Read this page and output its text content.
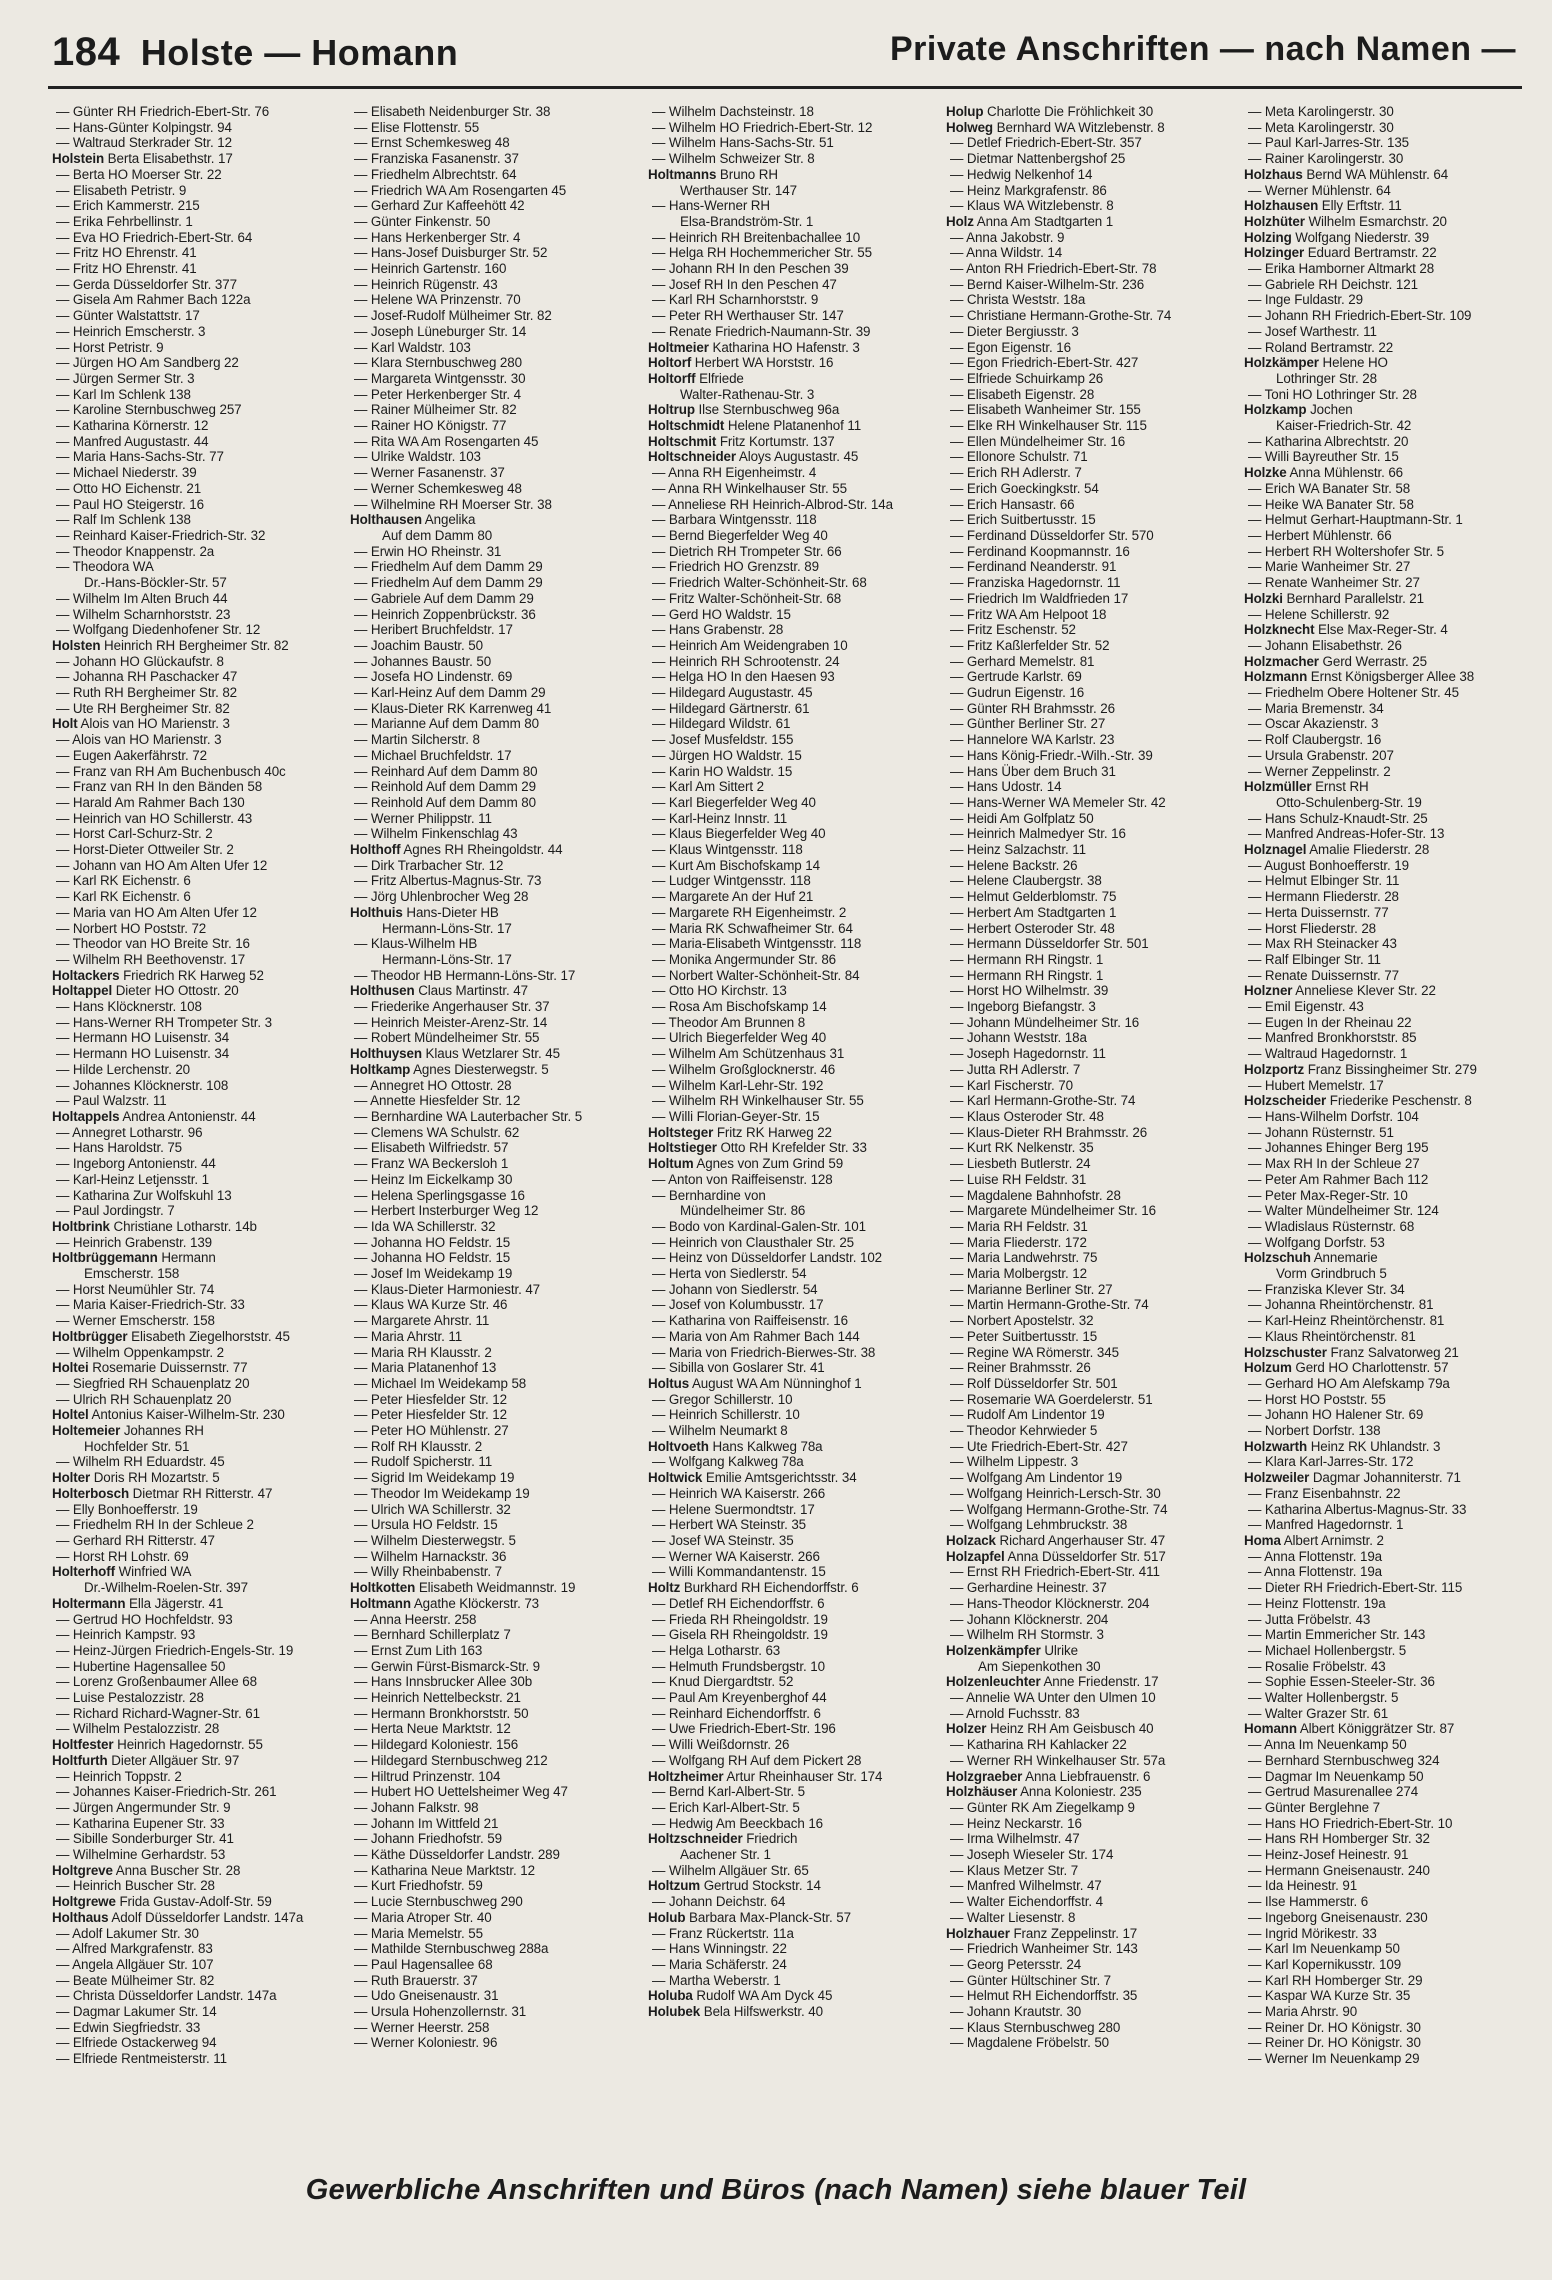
184 Holste — Homann	Private Anschriften — nach Namen —
— Günter RH Friedrich-Ebert-Str. 76
— Hans-Günter Kolpingstr. 94
— Waltraud Sterkrader Str. 12
Holstein Berta Elisabethstr. 17
— Berta HO Moerser Str. 22
— Elisabeth Petristr. 9
— Erich Kammerstr. 215
— Erika Fehrbellinstr. 1
— Eva HO Friedrich-Ebert-Str. 64
— Fritz HO Ehrenstr. 41
— Fritz HO Ehrenstr. 41
— Gerda Düsseldorfer Str. 377
— Gisela Am Rahmer Bach 122a
— Günter Walstattstr. 17
— Heinrich Emscherstr. 3
— Horst Petristr. 9
— Jürgen HO Am Sandberg 22
— Jürgen Sermer Str. 3
— Karl Im Schlenk 138
— Karoline Sternbuschweg 257
— Katharina Körnerstr. 12
— Manfred Augustastr. 44
— Maria Hans-Sachs-Str. 77
— Michael Niederstr. 39
— Otto HO Eichenstr. 21
— Paul HO Steigerstr. 16
— Ralf Im Schlenk 138
— Reinhard Kaiser-Friedrich-Str. 32
— Theodor Knappenstr. 2a
— Theodora WA
Dr.-Hans-Böckler-Str. 57
— Wilhelm Im Alten Bruch 44
— Wilhelm Scharnhorststr. 23
— Wolfgang Diedenhofener Str. 12
Holsten Heinrich RH Bergheimer Str. 82
— Johann HO Glückaufstr. 8
— Johanna RH Paschacker 47
— Ruth RH Bergheimer Str. 82
— Ute RH Bergheimer Str. 82
Holt Alois van HO Marienstr. 3
— Alois van HO Marienstr. 3
— Eugen Aakerfährstr. 72
— Franz van RH Am Buchenbusch 40c
— Franz van RH In den Bänden 58
— Harald Am Rahmer Bach 130
— Heinrich van HO Schillerstr. 43
— Horst Carl-Schurz-Str. 2
— Horst-Dieter Ottweiler Str. 2
— Johann van HO Am Alten Ufer 12
— Karl RK Eichenstr. 6
— Karl RK Eichenstr. 6
— Maria van HO Am Alten Ufer 12
— Norbert HO Poststr. 72
— Theodor van HO Breite Str. 16
— Wilhelm RH Beethovenstr. 17
Holtackers Friedrich RK Harweg 52
Holtappel Dieter HO Ottostr. 20
— Hans Klöcknerstr. 108
— Hans-Werner RH Trompeter Str. 3
— Hermann HO Luisenstr. 34
— Hermann HO Luisenstr. 34
— Hilde Lerchenstr. 20
— Johannes Klöcknerstr. 108
— Paul Walzstr. 11
Holtappels Andrea Antonienstr. 44
— Annegret Lotharstr. 96
— Hans Haroldstr. 75
— Ingeborg Antonienstr. 44
— Karl-Heinz Letjensstr. 1
— Katharina Zur Wolfskuhl 13
— Paul Jordingstr. 7
Holtbrink Christiane Lotharstr. 14b
— Heinrich Grabenstr. 139
Holtbrüggemann Hermann
Emscherstr. 158
— Horst Neumühler Str. 74
— Maria Kaiser-Friedrich-Str. 33
— Werner Emscherstr. 158
Holtbrügger Elisabeth Ziegelhorststr. 45
— Wilhelm Oppenkampstr. 2
Holtei Rosemarie Duissernstr. 77
— Siegfried RH Schauenplatz 20
— Ulrich RH Schauenplatz 20
Holtel Antonius Kaiser-Wilhelm-Str. 230
Holtemeier Johannes RH
Hochfelder Str. 51
— Wilhelm RH Eduardstr. 45
Holter Doris RH Mozartstr. 5
Holterbosch Dietmar RH Ritterstr. 47
— Elly Bonhoefferstr. 19
— Friedhelm RH In der Schleue 2
— Gerhard RH Ritterstr. 47
— Horst RH Lohstr. 69
Holterhoff Winfried WA
Dr.-Wilhelm-Roelen-Str. 397
Holtermann Ella Jägerstr. 41
— Gertrud HO Hochfeldstr. 93
— Heinrich Kampstr. 93
— Heinz-Jürgen Friedrich-Engels-Str. 19
— Hubertine Hagensallee 50
— Lorenz Großenbaumer Allee 68
— Luise Pestalozzistr. 28
— Richard Richard-Wagner-Str. 61
— Wilhelm Pestalozzistr. 28
Holtfester Heinrich Hagedornstr. 55
Holtfurth Dieter Allgäuer Str. 97
— Heinrich Toppstr. 2
— Johannes Kaiser-Friedrich-Str. 261
— Jürgen Angermunder Str. 9
— Katharina Eupener Str. 33
— Sibille Sonderburger Str. 41
— Wilhelmine Gerhardstr. 53
Holtgreve Anna Buscher Str. 28
— Heinrich Buscher Str. 28
Holtgrewe Frida Gustav-Adolf-Str. 59
Holthaus Adolf Düsseldorfer Landstr. 147a
— Adolf Lakumer Str. 30
— Alfred Markgrafenstr. 83
— Angela Allgäuer Str. 107
— Beate Mülheimer Str. 82
— Christa Düsseldorfer Landstr. 147a
— Dagmar Lakumer Str. 14
— Edwin Siegfriedstr. 33
— Elfriede Ostackerweg 94
— Elfriede Rentmeisterstr. 11
— Elisabeth Neidenburger Str. 38
— Elise Flottenstr. 55
— Ernst Schemkesweg 48
— Franziska Fasanenstr. 37
— Friedhelm Albrechtstr. 64
— Friedrich WA Am Rosengarten 45
— Gerhard Zur Kaffeehött 42
— Günter Finkenstr. 50
— Hans Herkenberger Str. 4
— Hans-Josef Duisburger Str. 52
— Heinrich Gartenstr. 160
— Heinrich Rügenstr. 43
— Helene WA Prinzenstr. 70
— Josef-Rudolf Mülheimer Str. 82
— Joseph Lüneburger Str. 14
— Karl Waldstr. 103
— Klara Sternbuschweg 280
— Margareta Wintgensstr. 30
— Peter Herkenberger Str. 4
— Rainer Mülheimer Str. 82
— Rainer HO Königstr. 77
— Rita WA Am Rosengarten 45
— Ulrike Waldstr. 103
— Werner Fasanenstr. 37
— Werner Schemkesweg 48
— Wilhelmine RH Moerser Str. 38
Holthausen Angelika
Auf dem Damm 80
— Erwin HO Rheinstr. 31
— Friedhelm Auf dem Damm 29
— Friedhelm Auf dem Damm 29
— Gabriele Auf dem Damm 29
— Heinrich Zoppenbrückstr. 36
— Heribert Bruchfeldstr. 17
— Joachim Baustr. 50
— Johannes Baustr. 50
— Josefa HO Lindenstr. 69
— Karl-Heinz Auf dem Damm 29
— Klaus-Dieter RK Karrenweg 41
— Marianne Auf dem Damm 80
— Martin Silcherstr. 8
— Michael Bruchfeldstr. 17
— Reinhard Auf dem Damm 80
— Reinhold Auf dem Damm 29
— Reinhold Auf dem Damm 80
— Werner Philippstr. 11
— Wilhelm Finkenschlag 43
Holthoff Agnes RH Rheingoldstr. 44
— Dirk Trarbacher Str. 12
— Fritz Albertus-Magnus-Str. 73
— Jörg Uhlenbrocher Weg 28
Holthuis Hans-Dieter HB
Hermann-Löns-Str. 17
— Klaus-Wilhelm HB
Hermann-Löns-Str. 17
— Theodor HB Hermann-Löns-Str. 17
Holthusen Claus Martinstr. 47
— Friederike Angerhauser Str. 37
— Heinrich Meister-Arenz-Str. 14
— Robert Mündelheimer Str. 55
Holthuysen Klaus Wetzlarer Str. 45
Holtkamp Agnes Diesterwegstr. 5
— Annegret HO Ottostr. 28
— Annette Hiesfelder Str. 12
— Bernhardine WA Lauterbacher Str. 5
— Clemens WA Schulstr. 62
— Elisabeth Wilfriedstr. 57
— Franz WA Beckersloh 1
— Heinz Im Eickelkamp 30
— Helena Sperlingsgasse 16
— Herbert Insterburger Weg 12
— Ida WA Schillerstr. 32
— Johanna HO Feldstr. 15
— Johanna HO Feldstr. 15
— Josef Im Weidekamp 19
— Klaus-Dieter Harmoniestr. 47
— Klaus WA Kurze Str. 46
— Margarete Ahrstr. 11
— Maria Ahrstr. 11
— Maria RH Klausstr. 2
— Maria Platanenhof 13
— Michael Im Weidekamp 58
— Peter Hiesfelder Str. 12
— Peter Hiesfelder Str. 12
— Peter HO Mühlenstr. 27
— Rolf RH Klausstr. 2
— Rudolf Spicherstr. 11
— Sigrid Im Weidekamp 19
— Theodor Im Weidekamp 19
— Ulrich WA Schillerstr. 32
— Ursula HO Feldstr. 15
— Wilhelm Diesterwegstr. 5
— Wilhelm Harnackstr. 36
— Willy Rheinbabenstr. 7
Holtkotten Elisabeth Weidmannstr. 19
Holtmann Agathe Klöckerstr. 73
— Anna Heerstr. 258
— Bernhard Schillerplatz 7
— Ernst Zum Lith 163
— Gerwin Fürst-Bismarck-Str. 9
— Hans Innsbrucker Allee 30b
— Heinrich Nettelbeckstr. 21
— Hermann Bronkhorststr. 50
— Herta Neue Marktstr. 12
— Hildegard Koloniestr. 156
— Hildegard Sternbuschweg 212
— Hiltrud Prinzenstr. 104
— Hubert HO Uettelsheimer Weg 47
— Johann Falkstr. 98
— Johann Im Wittfeld 21
— Johann Friedhofstr. 59
— Käthe Düsseldorfer Landstr. 289
— Katharina Neue Marktstr. 12
— Kurt Friedhofstr. 59
— Lucie Sternbuschweg 290
— Maria Atroper Str. 40
— Maria Memelstr. 55
— Mathilde Sternbuschweg 288a
— Paul Hagensallee 68
— Ruth Brauerstr. 37
— Udo Gneisenaustr. 31
— Ursula Hohenzollernstr. 31
— Werner Heerstr. 258
— Werner Koloniestr. 96
— Wilhelm Dachsteinstr. 18
— Wilhelm HO Friedrich-Ebert-Str. 12
— Wilhelm Hans-Sachs-Str. 51
— Wilhelm Schweizer Str. 8
Holtmanns Bruno RH
Werthauser Str. 147
— Hans-Werner RH
Elsa-Brandström-Str. 1
— Heinrich RH Breitenbachallee 10
— Helga RH Hochemmericher Str. 55
— Johann RH In den Peschen 39
— Josef RH In den Peschen 47
— Karl RH Scharnhorststr. 9
— Peter RH Werthauser Str. 147
— Renate Friedrich-Naumann-Str. 39
Holtmeier Katharina HO Hafenstr. 3
Holtorf Herbert WA Horststr. 16
Holtorff Elfriede
Walter-Rathenau-Str. 3
Holtrup Ilse Sternbuschweg 96a
Holtschmidt Helene Platanenhof 11
Holtschmit Fritz Kortumstr. 137
Holtschneider Aloys Augustastr. 45
— Anna RH Eigenheimstr. 4
— Anna RH Winkelhauser Str. 55
— Anneliese RH Heinrich-Albrod-Str. 14a
— Barbara Wintgensstr. 118
— Bernd Biegerfelder Weg 40
— Dietrich RH Trompeter Str. 66
— Friedrich HO Grenzstr. 89
— Friedrich Walter-Schönheit-Str. 68
— Fritz Walter-Schönheit-Str. 68
— Gerd HO Waldstr. 15
— Hans Grabenstr. 28
— Heinrich Am Weidengraben 10
— Heinrich RH Schrootenstr. 24
— Helga HO In den Haesen 93
— Hildegard Augustastr. 45
— Hildegard Gärtnerstr. 61
— Hildegard Wildstr. 61
— Josef Musfeldstr. 155
— Jürgen HO Waldstr. 15
— Karin HO Waldstr. 15
— Karl Am Sittert 2
— Karl Biegerfelder Weg 40
— Karl-Heinz Innstr. 11
— Klaus Biegerfelder Weg 40
— Klaus Wintgensstr. 118
— Kurt Am Bischofskamp 14
— Ludger Wintgensstr. 118
— Margarete An der Huf 21
— Margarete RH Eigenheimstr. 2
— Maria RK Schwafheimer Str. 64
— Maria-Elisabeth Wintgensstr. 118
— Monika Angermunder Str. 86
— Norbert Walter-Schönheit-Str. 84
— Otto HO Kirchstr. 13
— Rosa Am Bischofskamp 14
— Theodor Am Brunnen 8
— Ulrich Biegerfelder Weg 40
— Wilhelm Am Schützenhaus 31
— Wilhelm Großglocknerstr. 46
— Wilhelm Karl-Lehr-Str. 192
— Wilhelm RH Winkelhauser Str. 55
— Willi Florian-Geyer-Str. 15
Holtsteger Fritz RK Harweg 22
Holtstieger Otto RH Krefelder Str. 33
Holtum Agnes von Zum Grind 59
— Anton von Raiffeisenstr. 128
— Bernhardine von
Mündelheimer Str. 86
— Bodo von Kardinal-Galen-Str. 101
— Heinrich von Clausthaler Str. 25
— Heinz von Düsseldorfer Landstr. 102
— Herta von Siedlerstr. 54
— Johann von Siedlerstr. 54
— Josef von Kolumbusstr. 17
— Katharina von Raiffeisenstr. 16
— Maria von Am Rahmer Bach 144
— Maria von Friedrich-Bierwes-Str. 38
— Sibilla von Goslarer Str. 41
Holtus August WA Am Nünninghof 1
— Gregor Schillerstr. 10
— Heinrich Schillerstr. 10
— Wilhelm Neumarkt 8
Holtvoeth Hans Kalkweg 78a
— Wolfgang Kalkweg 78a
Holtwick Emilie Amtsgerichtsstr. 34
— Heinrich WA Kaiserstr. 266
— Helene Suermondtstr. 17
— Herbert WA Steinstr. 35
— Josef WA Steinstr. 35
— Werner WA Kaiserstr. 266
— Willi Kommandantenstr. 15
Holtz Burkhard RH Eichendorffstr. 6
— Detlef RH Eichendorffstr. 6
— Frieda RH Rheingoldstr. 19
— Gisela RH Rheingoldstr. 19
— Helga Lotharstr. 63
— Helmuth Frundsbergstr. 10
— Knud Diergardtstr. 52
— Paul Am Kreyenberghof 44
— Reinhard Eichendorffstr. 6
— Uwe Friedrich-Ebert-Str. 196
— Willi Weißdornstr. 26
— Wolfgang RH Auf dem Pickert 28
Holtzheimer Artur Rheinhauser Str. 174
— Bernd Karl-Albert-Str. 5
— Erich Karl-Albert-Str. 5
— Hedwig Am Beeckbach 16
Holtzschneider Friedrich
Aachener Str. 1
— Wilhelm Allgäuer Str. 65
Holtzum Gertrud Stockstr. 14
— Johann Deichstr. 64
Holub Barbara Max-Planck-Str. 57
— Franz Rückertstr. 11a
— Hans Winningstr. 22
— Maria Schäferstr. 24
— Martha Weberstr. 1
Holuba Rudolf WA Am Dyck 45
Holubek Bela Hilfswerkstr. 40
Holup Charlotte Die Fröhlichkeit 30
Holweg Bernhard WA Witzlebenstr. 8
— Detlef Friedrich-Ebert-Str. 357
— Dietmar Nattenbergshof 25
— Hedwig Nelkenhof 14
— Heinz Markgrafenstr. 86
— Klaus WA Witzlebenstr. 8
Holz Anna Am Stadtgarten 1
— Anna Jakobstr. 9
— Anna Wildstr. 14
— Anton RH Friedrich-Ebert-Str. 78
— Bernd Kaiser-Wilhelm-Str. 236
— Christa Weststr. 18a
— Christiane Hermann-Grothe-Str. 74
— Dieter Bergiusstr. 3
— Egon Eigenstr. 16
— Egon Friedrich-Ebert-Str. 427
— Elfriede Schuirkamp 26
— Elisabeth Eigenstr. 28
— Elisabeth Wanheimer Str. 155
— Elke RH Winkelhauser Str. 115
— Ellen Mündelheimer Str. 16
— Ellonore Schulstr. 71
— Erich RH Adlerstr. 7
— Erich Goeckingkstr. 54
— Erich Hansastr. 66
— Erich Suitbertusstr. 15
— Ferdinand Düsseldorfer Str. 570
— Ferdinand Koopmannstr. 16
— Ferdinand Neanderstr. 91
— Franziska Hagedornstr. 11
— Friedrich Im Waldfrieden 17
— Fritz WA Am Helpoot 18
— Fritz Eschenstr. 52
— Fritz Kaßlerfelder Str. 52
— Gerhard Memelstr. 81
— Gertrude Karlstr. 69
— Gudrun Eigenstr. 16
— Günter RH Brahmsstr. 26
— Günther Berliner Str. 27
— Hannelore WA Karlstr. 23
— Hans König-Friedr.-Wilh.-Str. 39
— Hans Über dem Bruch 31
— Hans Udostr. 14
— Hans-Werner WA Memeler Str. 42
— Heidi Am Golfplatz 50
— Heinrich Malmedyer Str. 16
— Heinz Salzachstr. 11
— Helene Backstr. 26
— Helene Claubergstr. 38
— Helmut Gelderblomstr. 75
— Herbert Am Stadtgarten 1
— Herbert Osteroder Str. 48
— Hermann Düsseldorfer Str. 501
— Hermann RH Ringstr. 1
— Hermann RH Ringstr. 1
— Horst HO Wilhelmstr. 39
— Ingeborg Biefangstr. 3
— Johann Mündelheimer Str. 16
— Johann Weststr. 18a
— Joseph Hagedornstr. 11
— Jutta RH Adlerstr. 7
— Karl Fischerstr. 70
— Karl Hermann-Grothe-Str. 74
— Klaus Osteroder Str. 48
— Klaus-Dieter RH Brahmsstr. 26
— Kurt RK Nelkenstr. 35
— Liesbeth Butlerstr. 24
— Luise RH Feldstr. 31
— Magdalene Bahnhofstr. 28
— Margarete Mündelheimer Str. 16
— Maria RH Feldstr. 31
— Maria Fliederstr. 172
— Maria Landwehrstr. 75
— Maria Molbergstr. 12
— Marianne Berliner Str. 27
— Martin Hermann-Grothe-Str. 74
— Norbert Apostelstr. 32
— Peter Suitbertusstr. 15
— Regine WA Römerstr. 345
— Reiner Brahmsstr. 26
— Rolf Düsseldorfer Str. 501
— Rosemarie WA Goerdelerstr. 51
— Rudolf Am Lindentor 19
— Theodor Kehrwieder 5
— Ute Friedrich-Ebert-Str. 427
— Wilhelm Lippestr. 3
— Wolfgang Am Lindentor 19
— Wolfgang Heinrich-Lersch-Str. 30
— Wolfgang Hermann-Grothe-Str. 74
— Wolfgang Lehmbruckstr. 38
Holzack Richard Angerhauser Str. 47
Holzapfel Anna Düsseldorfer Str. 517
— Ernst RH Friedrich-Ebert-Str. 411
— Gerhardine Heinestr. 37
— Hans-Theodor Klöcknerstr. 204
— Johann Klöcknerstr. 204
— Wilhelm RH Stormstr. 3
Holzenkämpfer Ulrike
Am Siepenkothen 30
Holzenleuchter Anne Friedenstr. 17
— Annelie WA Unter den Ulmen 10
— Arnold Fuchsstr. 83
Holzer Heinz RH Am Geisbusch 40
— Katharina RH Kahlacker 22
— Werner RH Winkelhauser Str. 57a
Holzgraeber Anna Liebfrauenstr. 6
Holzhäuser Anna Koloniestr. 235
— Günter RK Am Ziegelkamp 9
— Heinz Neckarstr. 16
— Irma Wilhelmstr. 47
— Joseph Wieseler Str. 174
— Klaus Metzer Str. 7
— Manfred Wilhelmstr. 47
— Walter Eichendorffstr. 4
— Walter Liesenstr. 8
Holzhauer Franz Zeppelinstr. 17
— Friedrich Wanheimer Str. 143
— Georg Petersstr. 24
— Günter Hültschiner Str. 7
— Helmut RH Eichendorffstr. 35
— Johann Krautstr. 30
— Klaus Sternbuschweg 280
— Magdalene Fröbelstr. 50
— Meta Karolingerstr. 30
— Meta Karolingerstr. 30
— Paul Karl-Jarres-Str. 135
— Rainer Karolingerstr. 30
Holzhaus Bernd WA Mühlenstr. 64
— Werner Mühlenstr. 64
Holzhausen Elly Erftstr. 11
Holzhüter Wilhelm Esmarchstr. 20
Holzing Wolfgang Niederstr. 39
Holzinger Eduard Bertramstr. 22
— Erika Hamborner Altmarkt 28
— Gabriele RH Deichstr. 121
— Inge Fuldastr. 29
— Johann RH Friedrich-Ebert-Str. 109
— Josef Warthestr. 11
— Roland Bertramstr. 22
Holzkämper Helene HO
Lothringer Str. 28
— Toni HO Lothringer Str. 28
Holzkamp Jochen
Kaiser-Friedrich-Str. 42
— Katharina Albrechtstr. 20
— Willi Bayreuther Str. 15
Holzke Anna Mühlenstr. 66
— Erich WA Banater Str. 58
— Heike WA Banater Str. 58
— Helmut Gerhart-Hauptmann-Str. 1
— Herbert Mühlenstr. 66
— Herbert RH Woltershofer Str. 5
— Marie Wanheimer Str. 27
— Renate Wanheimer Str. 27
Holzki Bernhard Parallelstr. 21
— Helene Schillerstr. 92
Holzknecht Else Max-Reger-Str. 4
— Johann Elisabethstr. 26
Holzmacher Gerd Werrastr. 25
Holzmann Ernst Königsberger Allee 38
— Friedhelm Obere Holtener Str. 45
— Maria Bremenstr. 34
— Oscar Akazienstr. 3
— Rolf Claubergstr. 16
— Ursula Grabenstr. 207
— Werner Zeppelinstr. 2
Holzmüller Ernst RH
Otto-Schulenberg-Str. 19
— Hans Schulz-Knaudt-Str. 25
— Manfred Andreas-Hofer-Str. 13
Holznagel Amalie Fliederstr. 28
— August Bonhoefferstr. 19
— Helmut Elbinger Str. 11
— Hermann Fliederstr. 28
— Herta Duissernstr. 77
— Horst Fliederstr. 28
— Max RH Steinacker 43
— Ralf Elbinger Str. 11
— Renate Duissernstr. 77
Holzner Anneliese Klever Str. 22
— Emil Eigenstr. 43
— Eugen In der Rheinau 22
— Manfred Bronkhorststr. 85
— Waltraud Hagedornstr. 1
Holzportz Franz Bissingheimer Str. 279
— Hubert Memelstr. 17
Holzscheider Friederike Peschenstr. 8
— Hans-Wilhelm Dorfstr. 104
— Johann Rüsternstr. 51
— Johannes Ehinger Berg 195
— Max RH In der Schleue 27
— Peter Am Rahmer Bach 112
— Peter Max-Reger-Str. 10
— Walter Mündelheimer Str. 124
— Wladislaus Rüsternstr. 68
— Wolfgang Dorfstr. 53
Holzschuh Annemarie
Vorm Grindbruch 5
— Franziska Klever Str. 34
— Johanna Rheintörchenstr. 81
— Karl-Heinz Rheintörchenstr. 81
— Klaus Rheintörchenstr. 81
Holzschuster Franz Salvatorweg 21
Holzum Gerd HO Charlottenstr. 57
— Gerhard HO Am Alefskamp 79a
— Horst HO Poststr. 55
— Johann HO Halener Str. 69
— Norbert Dorfstr. 138
Holzwarth Heinz RK Uhlandstr. 3
— Klara Karl-Jarres-Str. 172
Holzweiler Dagmar Johanniterstr. 71
— Franz Eisenbahnstr. 22
— Katharina Albertus-Magnus-Str. 33
— Manfred Hagedornstr. 1
Homa Albert Arnimstr. 2
— Anna Flottenstr. 19a
— Anna Flottenstr. 19a
— Dieter RH Friedrich-Ebert-Str. 115
— Heinz Flottenstr. 19a
— Jutta Fröbelstr. 43
— Martin Emmericher Str. 143
— Michael Hollenbergstr. 5
— Rosalie Fröbelstr. 43
— Sophie Essen-Steeler-Str. 36
— Walter Hollenbergstr. 5
— Walter Grazer Str. 61
Homann Albert Königgrätzer Str. 87
— Anna Im Neuenkamp 50
— Bernhard Sternbuschweg 324
— Dagmar Im Neuenkamp 50
— Gertrud Masurenallee 274
— Günter Berglehne 7
— Hans HO Friedrich-Ebert-Str. 10
— Hans RH Homberger Str. 32
— Heinz-Josef Heinestr. 91
— Hermann Gneisenaustr. 240
— Ida Heinestr. 91
— Ilse Hammerstr. 6
— Ingeborg Gneisenaustr. 230
— Ingrid Mörikestr. 33
— Karl Im Neuenkamp 50
— Karl Kopernikusstr. 109
— Karl RH Homberger Str. 29
— Kaspar WA Kurze Str. 35
— Maria Ahrstr. 90
— Reiner Dr. HO Königstr. 30
— Reiner Dr. HO Königstr. 30
— Werner Im Neuenkamp 29
Gewerbliche Anschriften und Büros (nach Namen) siehe blauer Teil
